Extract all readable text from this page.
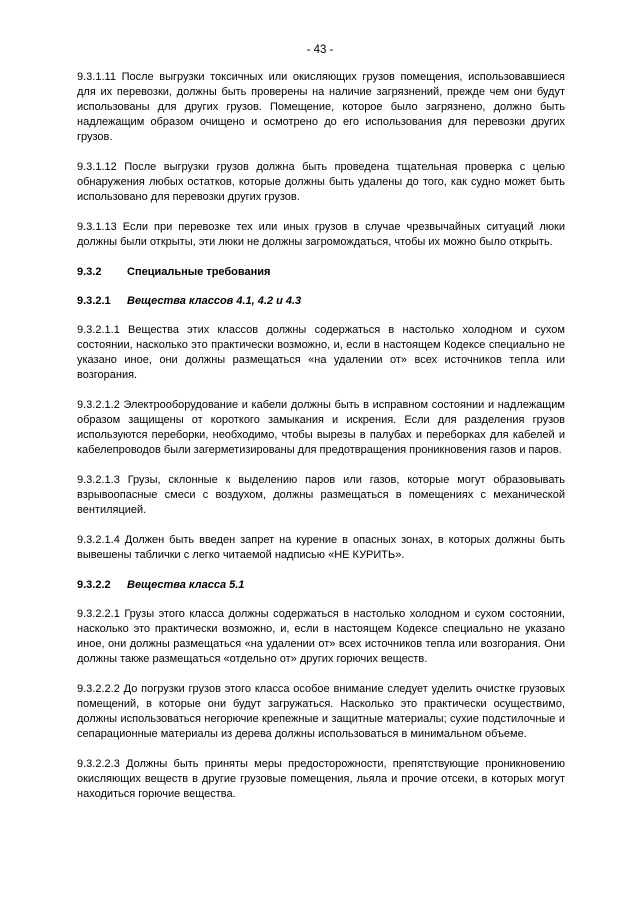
- 43 -

9.3.1.11 После выгрузки токсичных или окисляющих грузов помещения, использовавшиеся для их перевозки, должны быть проверены на наличие загрязнений, прежде чем они будут использованы для других грузов. Помещение, которое было загрязнено, должно быть надлежащим образом очищено и осмотрено до его использования для перевозки других грузов.

9.3.1.12 После выгрузки грузов должна быть проведена тщательная проверка с целью обнаружения любых остатков, которые должны быть удалены до того, как судно может быть использовано для перевозки других грузов.

9.3.1.13 Если при перевозке тех или иных грузов в случае чрезвычайных ситуаций люки должны были открыты, эти люки не должны загромождаться, чтобы их можно было открыть.

9.3.2	Специальные требования
9.3.2.1	Вещества классов 4.1, 4.2 и 4.3

9.3.2.1.1 Вещества этих классов должны содержаться в настолько холодном и сухом состоянии, насколько это практически возможно, и, если в настоящем Кодексе специально не указано иное, они должны размещаться «на удалении от» всех источников тепла или возгорания.

9.3.2.1.2 Электрооборудование и кабели должны быть в исправном состоянии и надлежащим образом защищены от короткого замыкания и искрения. Если для разделения грузов используются переборки, необходимо, чтобы вырезы в палубах и переборках для кабелей и кабелепроводов были загерметизированы для предотвращения проникновения газов и паров.

9.3.2.1.3 Грузы, склонные к выделению паров или газов, которые могут образовывать взрывоопасные смеси с воздухом, должны размещаться в помещениях с механической вентиляцией.

9.3.2.1.4 Должен быть введен запрет на курение в опасных зонах, в которых должны быть вывешены таблички с легко читаемой надписью «НЕ КУРИТЬ».

9.3.2.2	Вещества класса 5.1

9.3.2.2.1 Грузы этого класса должны содержаться в настолько холодном и сухом состоянии, насколько это практически возможно, и, если в настоящем Кодексе специально не указано иное, они должны размещаться «на удалении от» всех источников тепла или возгорания. Они должны также размещаться «отдельно от» других горючих веществ.

9.3.2.2.2 До погрузки грузов этого класса особое внимание следует уделить очистке грузовых помещений, в которые они будут загружаться. Насколько это практически осуществимо, должны использоваться негорючие крепежные и защитные материалы; сухие подстилочные и сепарационные материалы из дерева должны использоваться в минимальном объеме.

9.3.2.2.3 Должны быть приняты меры предосторожности, препятствующие проникновению окисляющих веществ в другие грузовые помещения, льяла и прочие отсеки, в которых могут находиться горючие вещества.
